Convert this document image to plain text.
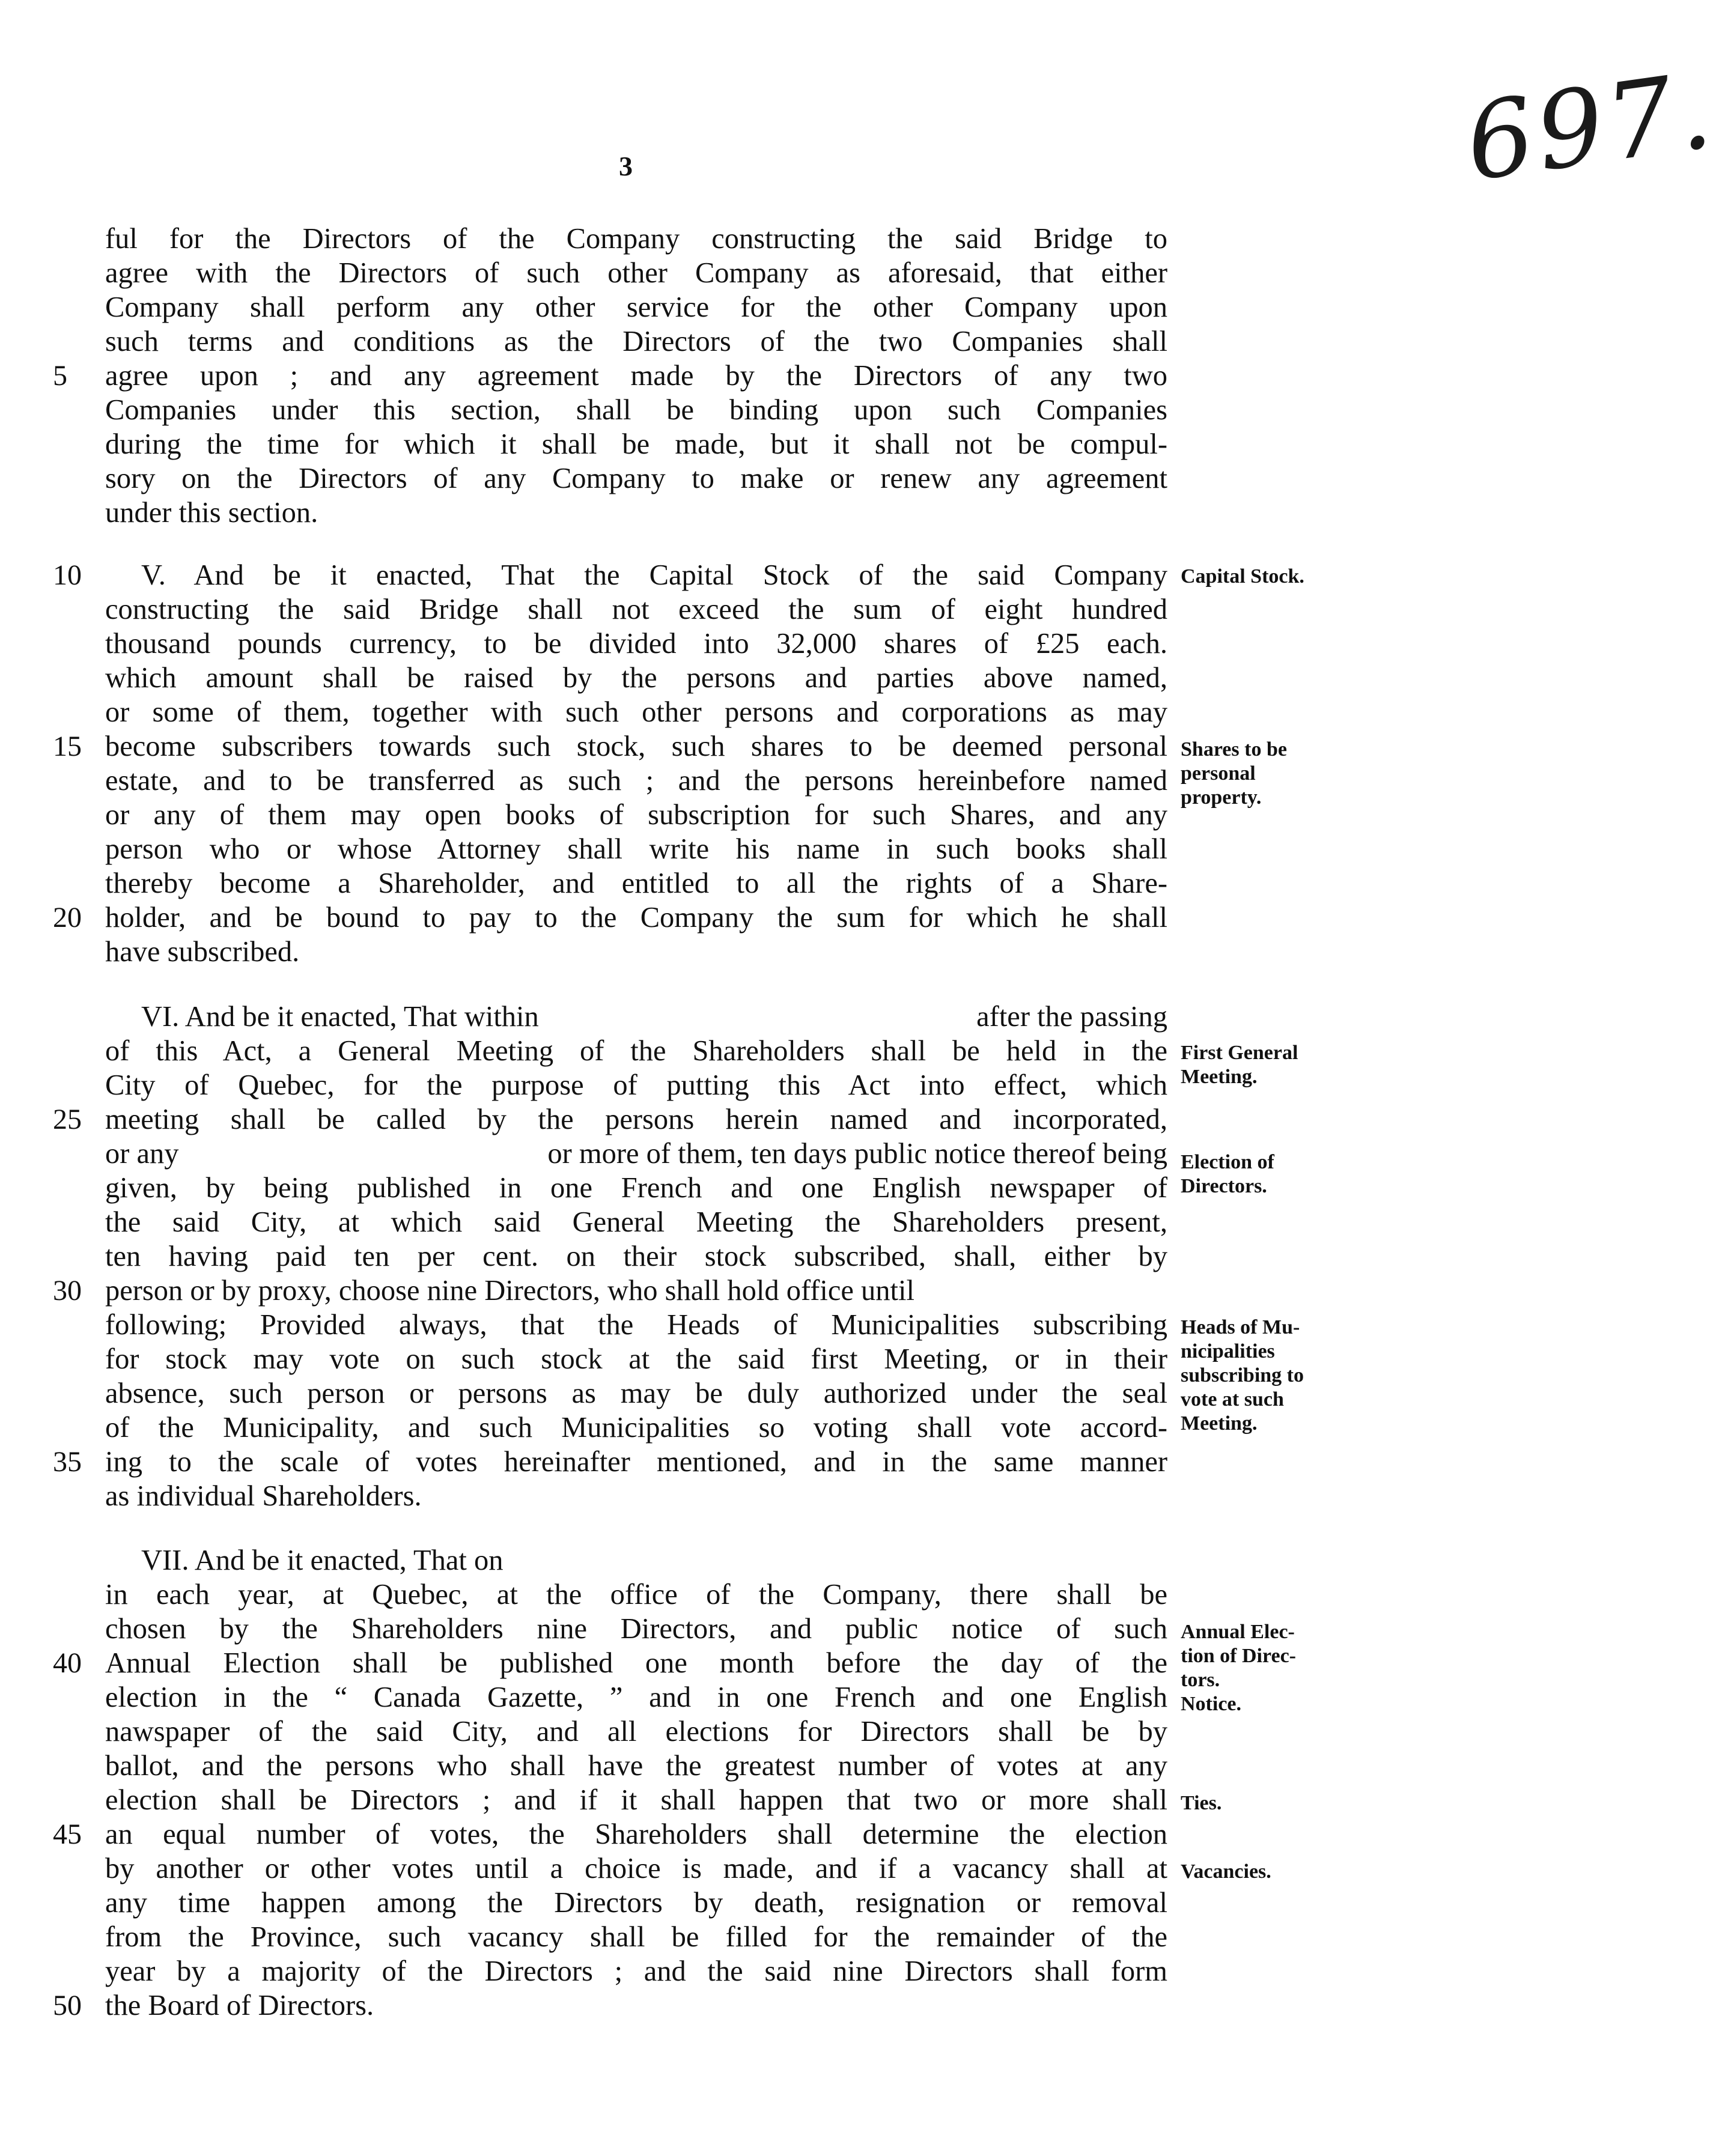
3	697.
ful for the Directors of the Company constructing the said Bridge to
agree with the Directors of such other Company as aforesaid, that either
Company shall perform any other service for the other Company upon
such terms and conditions as the Directors of the two Companies shall
5	agree upon ; and any agreement made by the Directors of any two
Companies under this section, shall be binding upon such Companies
during the time for which it shall be made, but it shall not be compul-
sory on the Directors of any Company to make or renew any agreement
under this section.
10	V. And be it enacted, That the Capital Stock of the said Company
constructing the said Bridge shall not exceed the sum of eight hundred
thousand pounds currency, to be divided into 32,000 shares of £25 each.
which amount shall be raised by the persons and parties above named,
or some of them, together with such other persons and corporations as may
15 become subscribers towards such stock, such shares to be deemed personal
estate, and to be transferred as such ; and the persons hereinbefore named
or any of them may open books of subscription for such Shares, and any
person who or whose Attorney shall write his name in such books shall
thereby become a Shareholder, and entitled to all the rights of a Share-
20 holder, and be bound to pay to the Company the sum for which he shall
have subscribed.
VI. And be it enacted, That within
of this Act, a General Meeting of the Shareholders shall be held in the
City of Quebec, for the purpose of putting this Act into effect, which
25 meeting shall be called by the persons herein named and incorporated,
or any
given, by being published in one French and one English newspaper of
the said City, at which said General Meeting the Shareholders present,
ten having paid ten per cent. on their stock subscribed, shall, either by
30 person or by proxy, choose nine Directors, who shall hold office until
following; Provided always, that the Heads of Municipalities subscribing
for stock may vote on such stock at the said first Meeting, or in their
absence, such person or persons as may be duly authorized under the seal
of the Municipality, and such Municipalities so voting shall vote accord-
35 ing to the scale of votes hereinafter mentioned, and in the same manner
as individual Shareholders.
VII. And be it enacted, That on
in each year, at Quebec, at the office of the Company, there shall be
chosen by the Shareholders nine Directors, and public notice of such
40 Annual Election shall be published one month before the day of the
election in the “ Canada Gazette, ” and in one French and one English
nawspaper of the said City, and all elections for Directors shall be by
ballot, and the persons who shall have the greatest number of votes at any
election shall be Directors ; and if it shall happen that two or more shall
45 an equal number of votes, the Shareholders shall determine the election
by another or other votes until a choice is made, and if a vacancy shall at
any time happen among the Directors by death, resignation or removal
from the Province, such vacancy shall be filled for the remainder of the
year by a majority of the Directors ; and the said nine Directors shall form
50 the Board of Directors.
after the passing
or more of them, ten days public notice thereof being
Capital Stock.
Shares to be
personal
property.
First General
Meeting.
Election of
Directors.
Heads of Mu-
nicipalities
subscribing to
vote at such
Meeting.
Annual Elec-
tion of Direc-
tors.
Notice.
Ties.
Vacancies.
